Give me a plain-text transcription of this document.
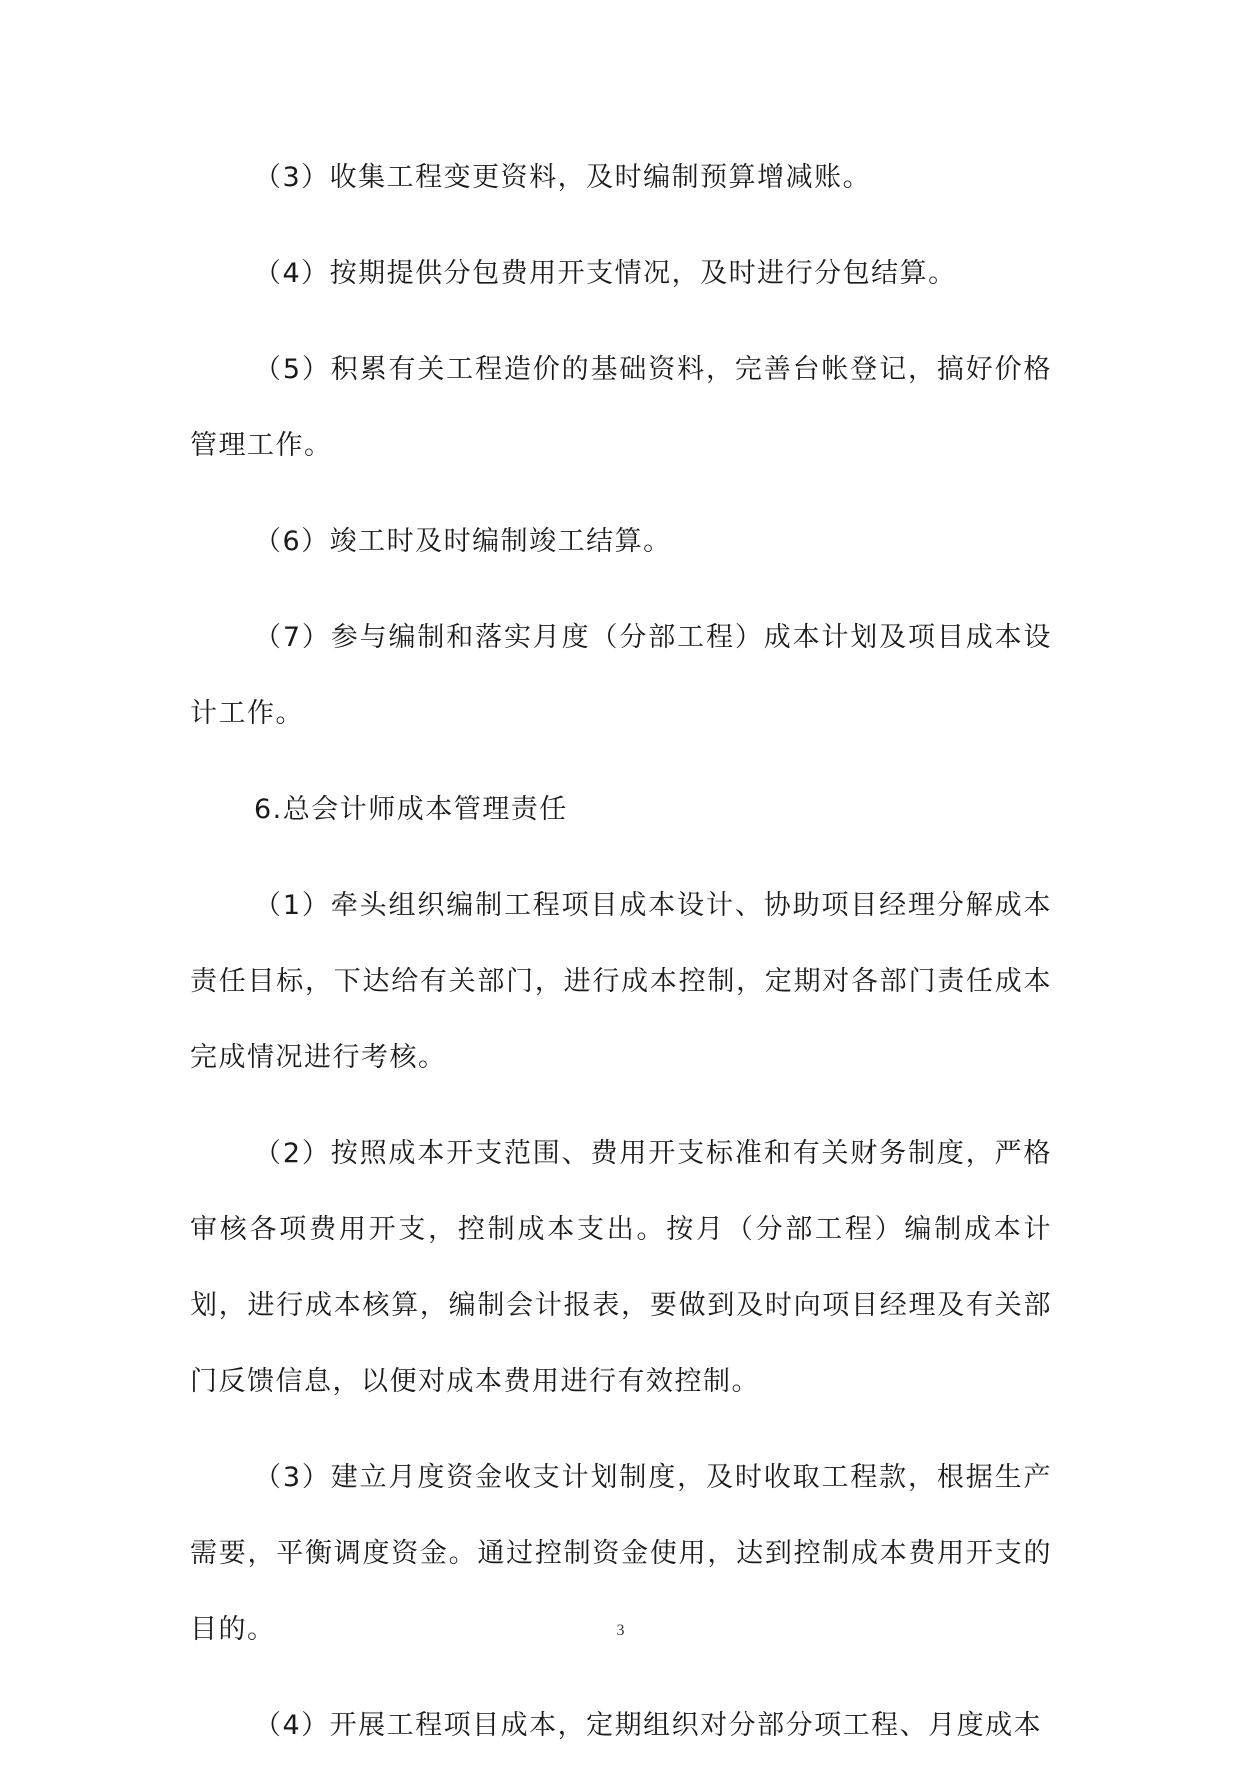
（3）收集工程变更资料，及时编制预算增减账。

（4）按期提供分包费用开支情况，及时进行分包结算。

（5）积累有关工程造价的基础资料，完善台帐登记，搞好价格管理工作。

（6）竣工时及时编制竣工结算。

（7）参与编制和落实月度（分部工程）成本计划及项目成本设计工作。

6.总会计师成本管理责任

（1）牵头组织编制工程项目成本设计、协助项目经理分解成本责任目标，下达给有关部门，进行成本控制，定期对各部门责任成本完成情况进行考核。

（2）按照成本开支范围、费用开支标准和有关财务制度，严格审核各项费用开支，控制成本支出。按月（分部工程）编制成本计划，进行成本核算，编制会计报表，要做到及时向项目经理及有关部门反馈信息，以便对成本费用进行有效控制。

（3）建立月度资金收支计划制度，及时收取工程款，根据生产需要，平衡调度资金。通过控制资金使用，达到控制成本费用开支的目的。

（4）开展工程项目成本，定期组织对分部分项工程、月度成本

3
